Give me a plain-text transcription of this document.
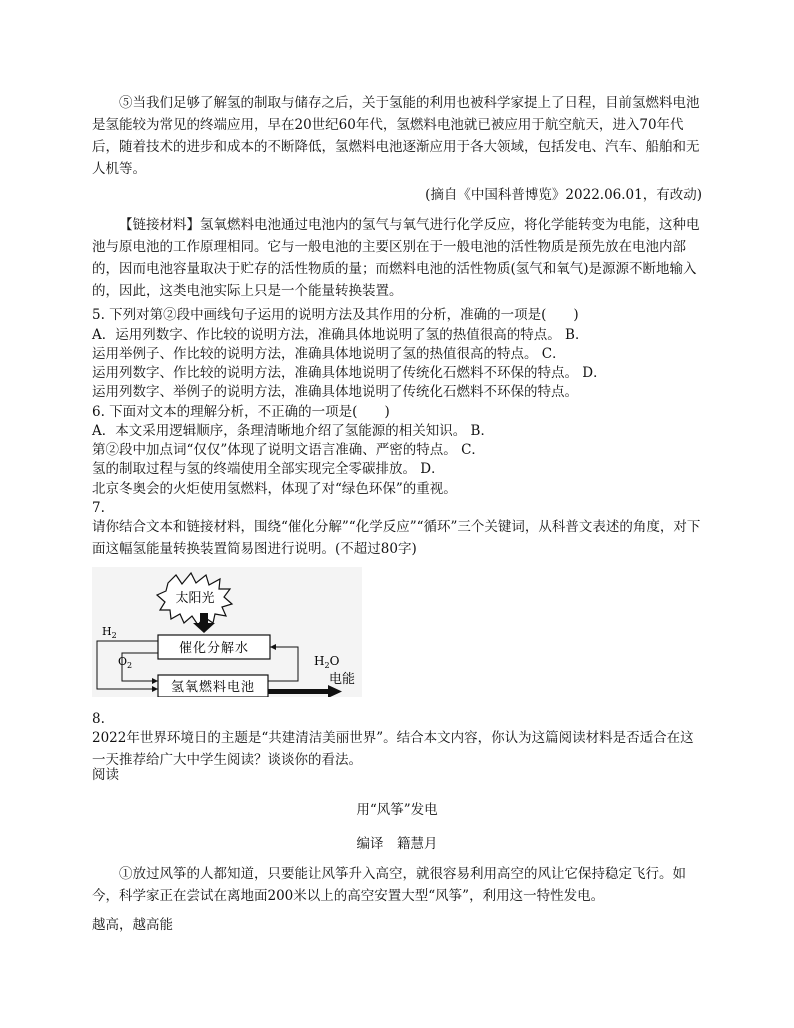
⑤当我们足够了解氢的制取与储存之后，关于氢能的利用也被科学家提上了日程，目前氢燃料电池是氢能较为常见的终端应用，早在20世纪60年代，氢燃料电池就已被应用于航空航天，进入70年代后，随着技术的进步和成本的不断降低，氢燃料电池逐渐应用于各大领域，包括发电、汽车、船舶和无人机等。

(摘自《中国科普博览》2022.06.01，有改动)

【链接材料】氢氧燃料电池通过电池内的氢气与氧气进行化学反应，将化学能转变为电能，这种电池与原电池的工作原理相同。它与一般电池的主要区别在于一般电池的活性物质是预先放在电池内部的，因而电池容量取决于贮存的活性物质的量；而燃料电池的活性物质(氢气和氧气)是源源不断地输入的，因此，这类电池实际上只是一个能量转换装置。

5. 下列对第②段中画线句子运用的说明方法及其作用的分析，准确的一项是(　　)

A．运用列数字、作比较的说明方法，准确具体地说明了氢的热值很高的特点。 B．

运用举例子、作比较的说明方法，准确具体地说明了氢的热值很高的特点。 C．

运用列数字、作比较的说明方法，准确具体地说明了传统化石燃料不环保的特点。 D．

运用列数字、举例子的说明方法，准确具体地说明了传统化石燃料不环保的特点。

6. 下面对文本的理解分析，不正确的一项是(　　)

A．本文采用逻辑顺序，条理清晰地介绍了氢能源的相关知识。 B．

第②段中加点词“仅仅”体现了说明文语言准确、严密的特点。 C．

氢的制取过程与氢的终端使用全部实现完全零碳排放。 D．

北京冬奥会的火炬使用氢燃料，体现了对“绿色环保”的重视。

7.

请你结合文本和链接材料，围绕“催化分解”“化学反应”“循环”三个关键词，从科普文表述的角度，对下面这幅氢能量转换装置简易图进行说明。(不超过80字)

太阳光
催化分解水
氢氧燃料电池
$H_2$
$O_2$	$H_2O$
电能

8.

2022年世界环境日的主题是“共建清洁美丽世界”。结合本文内容，你认为这篇阅读材料是否适合在这一天推荐给广大中学生阅读？谈谈你的看法。

阅读

用“风筝”发电
编译　籍慧月

①放过风筝的人都知道，只要能让风筝升入高空，就很容易利用高空的风让它保持稳定飞行。如今，科学家正在尝试在离地面200米以上的高空安置大型“风筝”，利用这一特性发电。

越高，越高能
